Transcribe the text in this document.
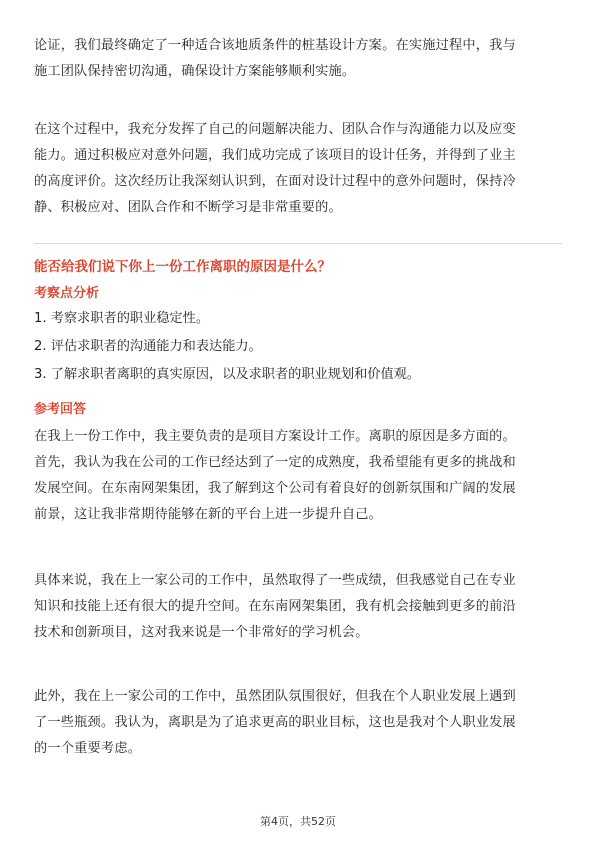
论证，我们最终确定了一种适合该地质条件的桩基设计方案。在实施过程中，我与
施工团队保持密切沟通，确保设计方案能够顺利实施。

在这个过程中，我充分发挥了自己的问题解决能力、团队合作与沟通能力以及应变
能力。通过积极应对意外问题，我们成功完成了该项目的设计任务，并得到了业主
的高度评价。这次经历让我深刻认识到，在面对设计过程中的意外问题时，保持冷
静、积极应对、团队合作和不断学习是非常重要的。

能否给我们说下你上一份工作离职的原因是什么？
考察点分析
1. 考察求职者的职业稳定性。
2. 评估求职者的沟通能力和表达能力。
3. 了解求职者离职的真实原因，以及求职者的职业规划和价值观。
参考回答

在我上一份工作中，我主要负责的是项目方案设计工作。离职的原因是多方面的。
首先，我认为我在公司的工作已经达到了一定的成熟度，我希望能有更多的挑战和
发展空间。在东南网架集团，我了解到这个公司有着良好的创新氛围和广阔的发展
前景，这让我非常期待能够在新的平台上进一步提升自己。

具体来说，我在上一家公司的工作中，虽然取得了一些成绩，但我感觉自己在专业
知识和技能上还有很大的提升空间。在东南网架集团，我有机会接触到更多的前沿
技术和创新项目，这对我来说是一个非常好的学习机会。

此外，我在上一家公司的工作中，虽然团队氛围很好，但我在个人职业发展上遇到
了一些瓶颈。我认为，离职是为了追求更高的职业目标，这也是我对个人职业发展
的一个重要考虑。

第4页，共52页
